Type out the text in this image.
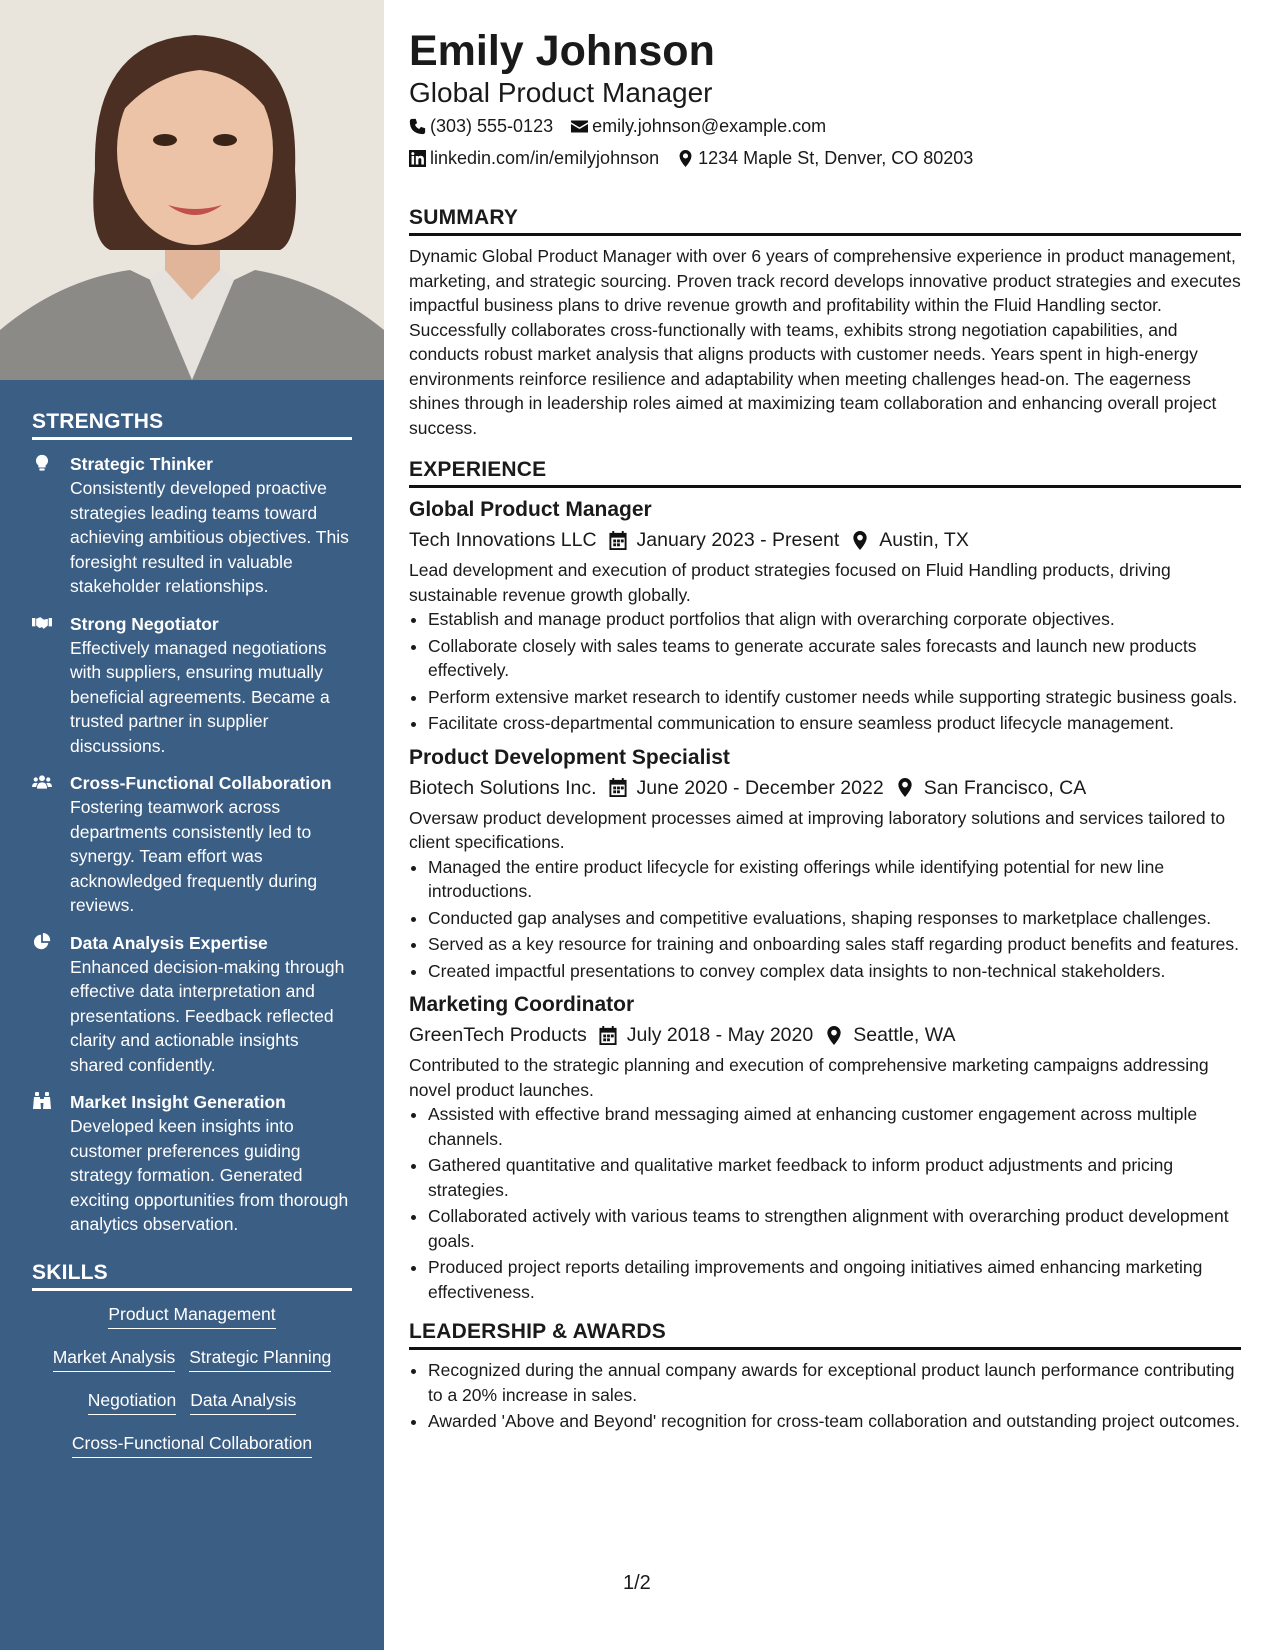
STRENGTHS
Strategic Thinker
Consistently developed proactive strategies leading teams toward achieving ambitious objectives. This foresight resulted in valuable stakeholder relationships.
Strong Negotiator
Effectively managed negotiations with suppliers, ensuring mutually beneficial agreements. Became a trusted partner in supplier discussions.
Cross-Functional Collaboration
Fostering teamwork across departments consistently led to synergy. Team effort was acknowledged frequently during reviews.
Data Analysis Expertise
Enhanced decision-making through effective data interpretation and presentations. Feedback reflected clarity and actionable insights shared confidently.
Market Insight Generation
Developed keen insights into customer preferences guiding strategy formation. Generated exciting opportunities from thorough analytics observation.
SKILLS
Product Management
Market Analysis Strategic Planning
Negotiation Data Analysis
Cross-Functional Collaboration
Emily Johnson
Global Product Manager
(303) 555-0123 emily.johnson@example.com
linkedin.com/in/emilyjohnson 1234 Maple St, Denver, CO 80203
SUMMARY

Dynamic Global Product Manager with over 6 years of comprehensive experience in product management, marketing, and strategic sourcing. Proven track record develops innovative product strategies and executes impactful business plans to drive revenue growth and profitability within the Fluid Handling sector. Successfully collaborates cross-functionally with teams, exhibits strong negotiation capabilities, and conducts robust market analysis that aligns products with customer needs. Years spent in high-energy environments reinforce resilience and adaptability when meeting challenges head-on. The eagerness shines through in leadership roles aimed at maximizing team collaboration and enhancing overall project success.

EXPERIENCE
Global Product Manager
Tech Innovations LLC January 2023 - Present Austin, TX
Lead development and execution of product strategies focused on Fluid Handling products, driving sustainable revenue growth globally.
• Establish and manage product portfolios that align with overarching corporate objectives.
• Collaborate closely with sales teams to generate accurate sales forecasts and launch new products effectively.
• Perform extensive market research to identify customer needs while supporting strategic business goals.
• Facilitate cross-departmental communication to ensure seamless product lifecycle management.
Product Development Specialist
Biotech Solutions Inc. June 2020 - December 2022 San Francisco, CA
Oversaw product development processes aimed at improving laboratory solutions and services tailored to client specifications.
• Managed the entire product lifecycle for existing offerings while identifying potential for new line introductions.
• Conducted gap analyses and competitive evaluations, shaping responses to marketplace challenges.
• Served as a key resource for training and onboarding sales staff regarding product benefits and features.
• Created impactful presentations to convey complex data insights to non-technical stakeholders.
Marketing Coordinator
GreenTech Products July 2018 - May 2020 Seattle, WA
Contributed to the strategic planning and execution of comprehensive marketing campaigns addressing novel product launches.
• Assisted with effective brand messaging aimed at enhancing customer engagement across multiple channels.
• Gathered quantitative and qualitative market feedback to inform product adjustments and pricing strategies.
• Collaborated actively with various teams to strengthen alignment with overarching product development goals.
• Produced project reports detailing improvements and ongoing initiatives aimed enhancing marketing effectiveness.
LEADERSHIP & AWARDS
• Recognized during the annual company awards for exceptional product launch performance contributing to a 20% increase in sales.
• Awarded 'Above and Beyond' recognition for cross-team collaboration and outstanding project outcomes.
1/2
